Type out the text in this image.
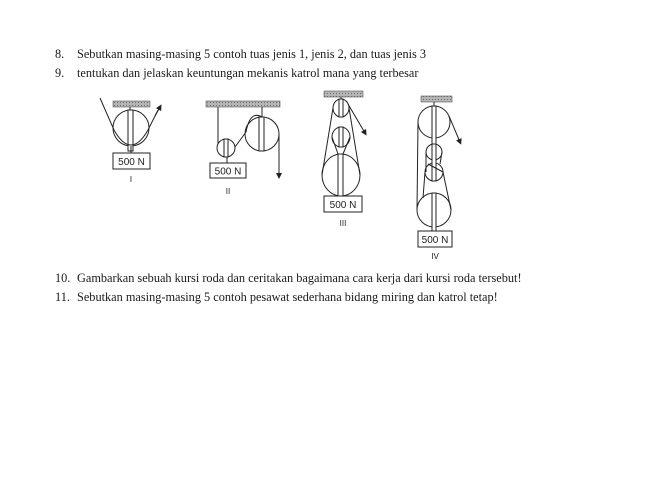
8. Sebutkan masing-masing 5 contoh tuas jenis 1, jenis 2, dan tuas jenis 3
9. tentukan dan jelaskan keuntungan mekanis katrol mana yang terbesar
500 N
I
500 N
II
500 N
III
500 N
IV
10. Gambarkan sebuah kursi roda dan ceritakan bagaimana cara kerja dari kursi roda tersebut!
11. Sebutkan masing-masing 5 contoh pesawat sederhana bidang miring dan katrol tetap!
